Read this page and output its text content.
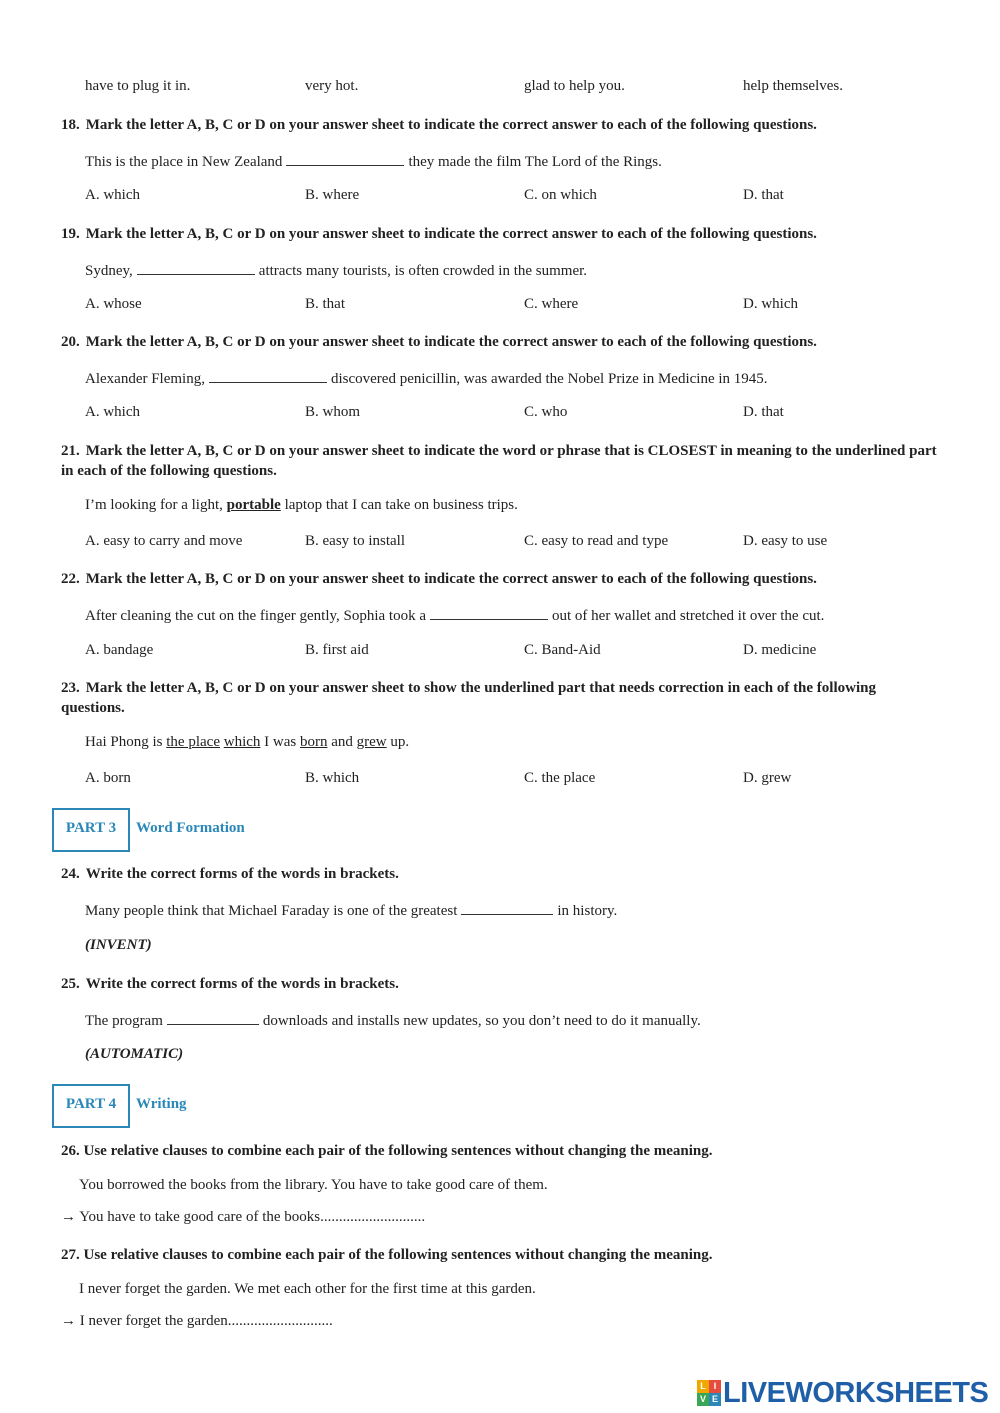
have to plug it in.	very hot.	glad to help you.	help themselves.
18. Mark the letter A, B, C or D on your answer sheet to indicate the correct answer to each of the following questions.
This is the place in New Zealand	they made the film The Lord of the Rings.
A. which	B. where	C. on which	D. that
19. Mark the letter A, B, C or D on your answer sheet to indicate the correct answer to each of the following questions.
Sydney,	attracts many tourists, is often crowded in the summer.
A. whose	B. that	C. where	D. which
20. Mark the letter A, B, C or D on your answer sheet to indicate the correct answer to each of the following questions.
Alexander Fleming,	discovered penicillin, was awarded the Nobel Prize in Medicine in 1945.
A. which	B. whom	C. who	D. that
21. Mark the letter A, B, C or D on your answer sheet to indicate the word or phrase that is CLOSEST in meaning to the underlined part in each of the following questions.
I’m looking for a light, portable laptop that I can take on business trips.
A. easy to carry and move	B. easy to install	C. easy to read and type	D. easy to use
22. Mark the letter A, B, C or D on your answer sheet to indicate the correct answer to each of the following questions.
After cleaning the cut on the finger gently, Sophia took a	out of her wallet and stretched it over the cut.
A. bandage	B. first aid	C. Band-Aid	D. medicine
23. Mark the letter A, B, C or D on your answer sheet to show the underlined part that needs correction in each of the following questions.
Hai Phong is the place which I was born and grew up.
A. born	B. which	C. the place	D. grew
PART 3	Word Formation
24. Write the correct forms of the words in brackets.
Many people think that Michael Faraday is one of the greatest	in history.
(INVENT)
25. Write the correct forms of the words in brackets.
The program	downloads and installs new updates, so you don’t need to do it manually.
(AUTOMATIC)
PART 4	Writing
26. Use relative clauses to combine each pair of the following sentences without changing the meaning.
You borrowed the books from the library. You have to take good care of them.
→ You have to take good care of the books............................
27. Use relative clauses to combine each pair of the following sentences without changing the meaning.
I never forget the garden. We met each other for the first time at this garden.
→ I never forget the garden............................
L I
V E LIVEWORKSHEETS
